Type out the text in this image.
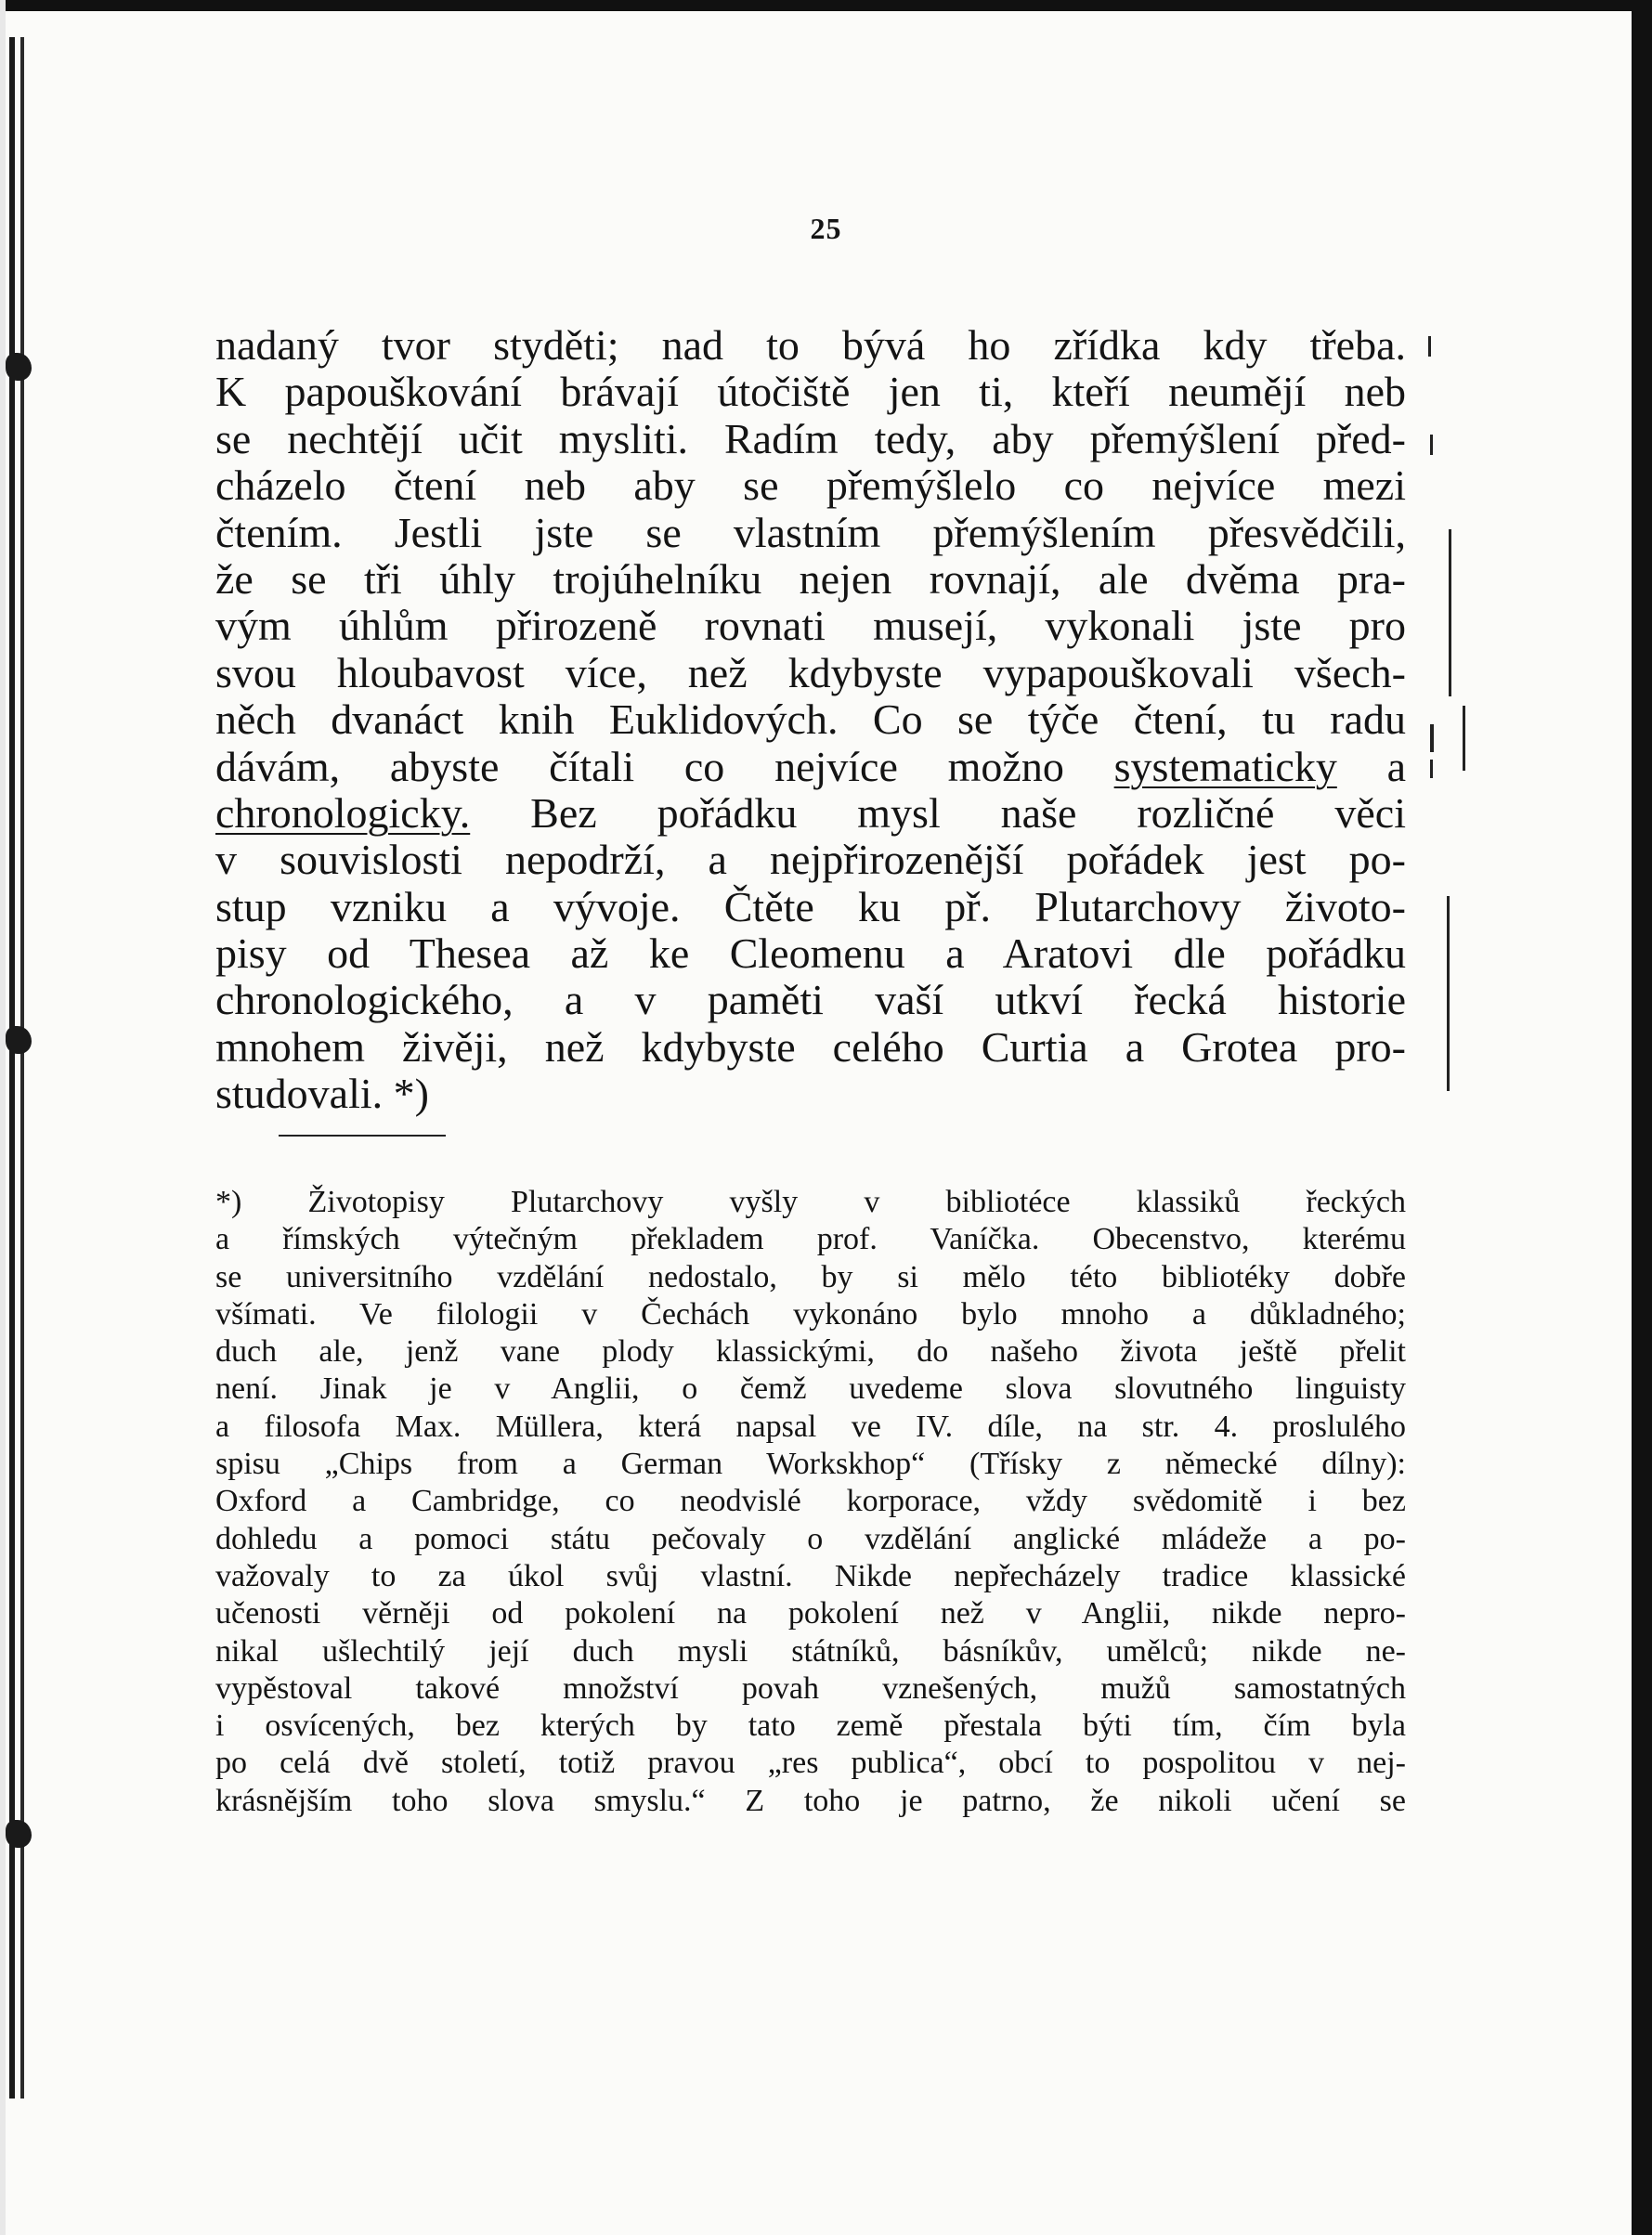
25
nadaný tvor styděti; nad to bývá ho zřídka kdy třeba.
K papouškování brávají útočiště jen ti, kteří neumějí neb
se nechtějí učit mysliti. Radím tedy, aby přemýšlení před-
cházelo čtení neb aby se přemýšlelo co nejvíce mezi
čtením. Jestli jste se vlastním přemýšlením přesvědčili,
že se tři úhly trojúhelníku nejen rovnají, ale dvěma pra-
vým úhlům přirozeně rovnati musejí, vykonali jste pro
svou hloubavost více, než kdybyste vypapouškovali všech-
něch dvanáct knih Euklidových. Co se týče čtení, tu radu
dávám, abyste čítali co nejvíce možno systematicky a
chronologicky. Bez pořádku mysl naše rozličné věci
v souvislosti nepodrží, a nejpřirozenější pořádek jest po-
stup vzniku a vývoje. Čtěte ku př. Plutarchovy životo-
pisy od Thesea až ke Cleomenu a Aratovi dle pořádku
chronologického, a v paměti vaší utkví řecká historie
mnohem živěji, než kdybyste celého Curtia a Grotea pro-
studovali. *)
*) Životopisy Plutarchovy vyšly v bibliotéce klassiků řeckých
a římských výtečným překladem prof. Vaníčka. Obecenstvo, kterému
se universitního vzdělání nedostalo, by si mělo této bibliotéky dobře
všímati. Ve filologii v Čechách vykonáno bylo mnoho a důkladného;
duch ale, jenž vane plody klassickými, do našeho života ještě přelit
není. Jinak je v Anglii, o čemž uvedeme slova slovutného linguisty
a filosofa Max. Müllera, která napsal ve IV. díle, na str. 4. proslulého
spisu „Chips from a German Workskhop“ (Třísky z německé dílny):
Oxford a Cambridge, co neodvislé korporace, vždy svědomitě i bez
dohledu a pomoci státu pečovaly o vzdělání anglické mládeže a po-
važovaly to za úkol svůj vlastní. Nikde nepřecházely tradice klassické
učenosti věrněji od pokolení na pokolení než v Anglii, nikde nepro-
nikal ušlechtilý její duch mysli státníků, básníkův, umělců; nikde ne-
vypěstoval takové množství povah vznešených, mužů samostatných
i osvícených, bez kterých by tato země přestala býti tím, čím byla
po celá dvě století, totiž pravou „res publica“, obcí to pospolitou v nej-
krásnějším toho slova smyslu.“ Z toho je patrno, že nikoli učení se
